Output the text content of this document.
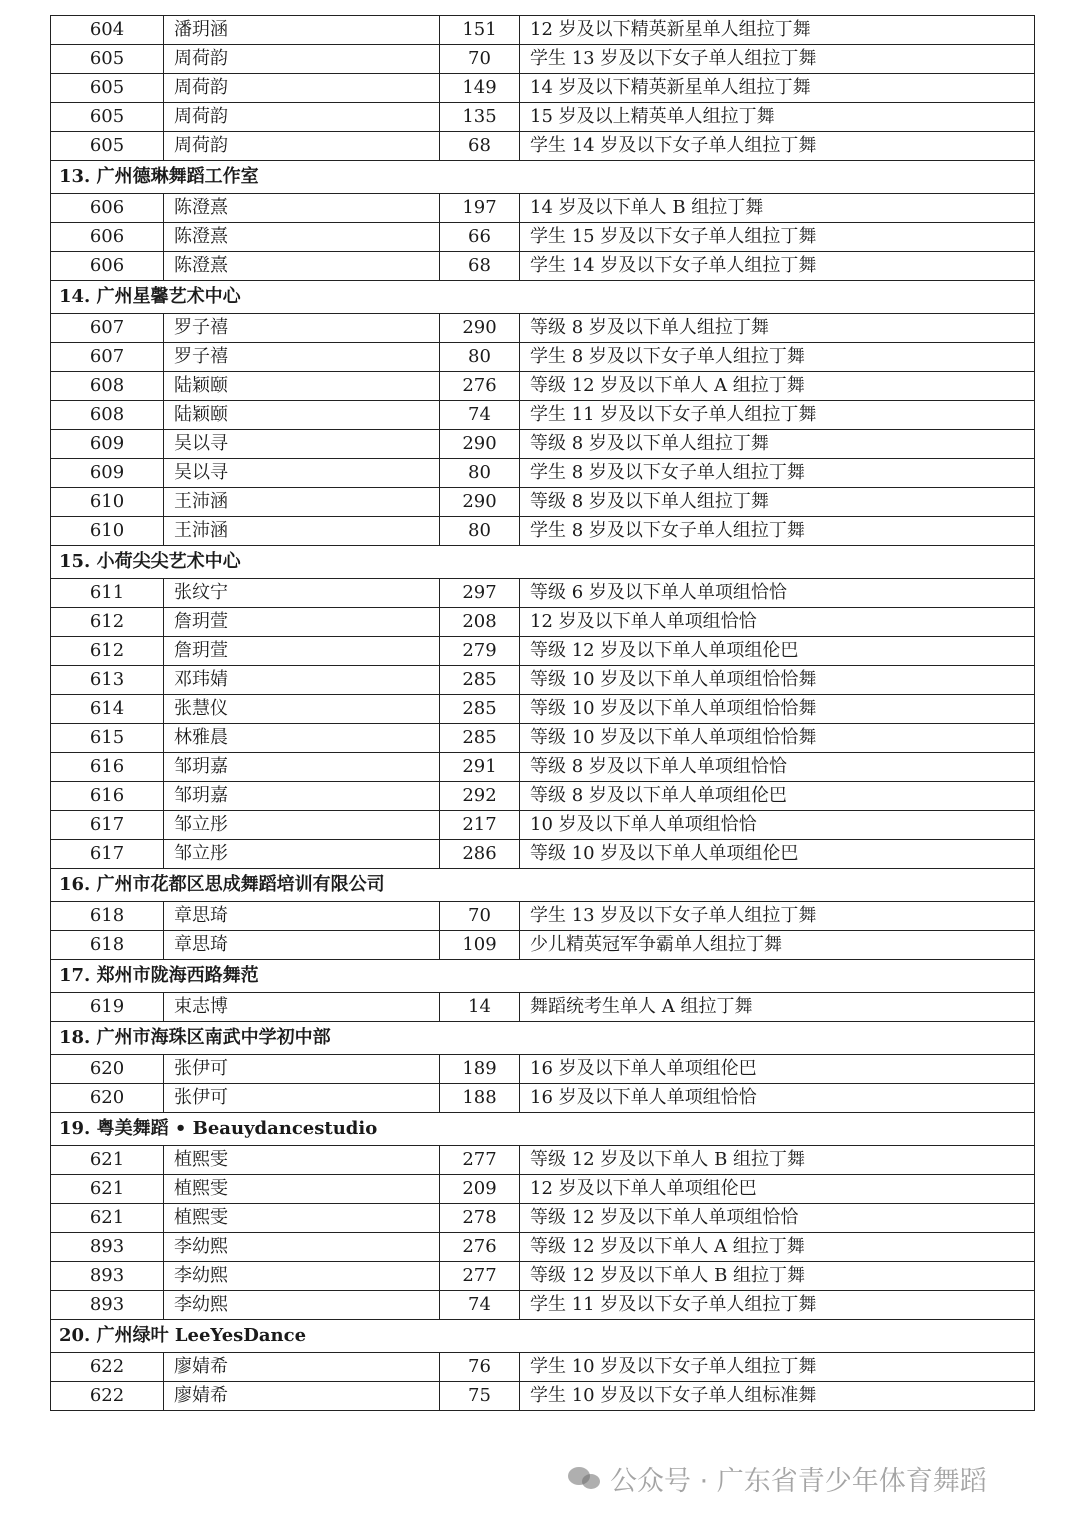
604	潘玥涵	151	12 岁及以下精英新星单人组拉丁舞
605	周荷韵	70	学生 13 岁及以下女子单人组拉丁舞
605	周荷韵	149	14 岁及以下精英新星单人组拉丁舞
605	周荷韵	135	15 岁及以上精英单人组拉丁舞
605	周荷韵	68	学生 14 岁及以下女子单人组拉丁舞
13. 广州德琳舞蹈工作室			
606	陈澄熹	197	14 岁及以下单人 B 组拉丁舞
606	陈澄熹	66	学生 15 岁及以下女子单人组拉丁舞
606	陈澄熹	68	学生 14 岁及以下女子单人组拉丁舞
14. 广州星馨艺术中心			
607	罗子禧	290	等级 8 岁及以下单人组拉丁舞
607	罗子禧	80	学生 8 岁及以下女子单人组拉丁舞
608	陆颖颐	276	等级 12 岁及以下单人 A 组拉丁舞
608	陆颖颐	74	学生 11 岁及以下女子单人组拉丁舞
609	吴以寻	290	等级 8 岁及以下单人组拉丁舞
609	吴以寻	80	学生 8 岁及以下女子单人组拉丁舞
610	王沛涵	290	等级 8 岁及以下单人组拉丁舞
610	王沛涵	80	学生 8 岁及以下女子单人组拉丁舞
15. 小荷尖尖艺术中心			
611	张纹宁	297	等级 6 岁及以下单人单项组恰恰
612	詹玥萱	208	12 岁及以下单人单项组恰恰
612	詹玥萱	279	等级 12 岁及以下单人单项组伦巴
613	邓玮婧	285	等级 10 岁及以下单人单项组恰恰舞
614	张慧仪	285	等级 10 岁及以下单人单项组恰恰舞
615	林雅晨	285	等级 10 岁及以下单人单项组恰恰舞
616	邹玥嘉	291	等级 8 岁及以下单人单项组恰恰
616	邹玥嘉	292	等级 8 岁及以下单人单项组伦巴
617	邹立彤	217	10 岁及以下单人单项组恰恰
617	邹立彤	286	等级 10 岁及以下单人单项组伦巴
16. 广州市花都区思成舞蹈培训有限公司			
618	章思琦	70	学生 13 岁及以下女子单人组拉丁舞
618	章思琦	109	少儿精英冠军争霸单人组拉丁舞
17. 郑州市陇海西路舞范			
619	束志博	14	舞蹈统考生单人 A 组拉丁舞
18. 广州市海珠区南武中学初中部			
620	张伊可	189	16 岁及以下单人单项组伦巴
620	张伊可	188	16 岁及以下单人单项组恰恰
19. 粤美舞蹈 • Beauydancestudio			
621	植熙雯	277	等级 12 岁及以下单人 B 组拉丁舞
621	植熙雯	209	12 岁及以下单人单项组伦巴
621	植熙雯	278	等级 12 岁及以下单人单项组恰恰
893	李幼熙	276	等级 12 岁及以下单人 A 组拉丁舞
893	李幼熙	277	等级 12 岁及以下单人 B 组拉丁舞
893	李幼熙	74	学生 11 岁及以下女子单人组拉丁舞
20. 广州绿叶 LeeYesDance			
622	廖婧希	76	学生 10 岁及以下女子单人组拉丁舞
622	廖婧希	75	学生 10 岁及以下女子单人组标准舞
公众号 · 广东省青少年体育舞蹈
